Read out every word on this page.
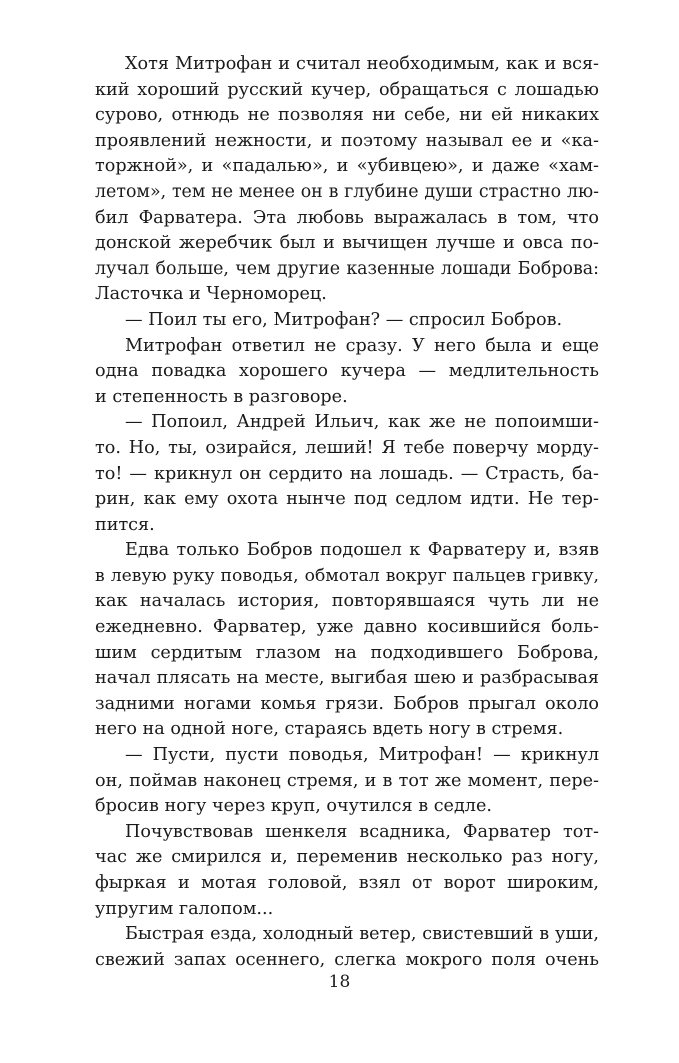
Хотя Митрофан и считал необходимым, как и вся-
кий хороший русский кучер, обращаться с лошадью
сурово, отнюдь не позволяя ни себе, ни ей никаких
проявлений нежности, и поэтому называл ее и «ка-
торжной», и «падалью», и «убивцею», и даже «хам-
летом», тем не менее он в глубине души страстно лю-
бил Фарватера. Эта любовь выражалась в том, что
донской жеребчик был и вычищен лучше и овса по-
лучал больше, чем другие казенные лошади Боброва:
Ласточка и Черноморец.
— Поил ты его, Митрофан? — спросил Бобров.
Митрофан ответил не сразу. У него была и еще
одна повадка хорошего кучера — медлительность
и степенность в разговоре.
— Попоил, Андрей Ильич, как же не попоимши-
то. Но, ты, озирайся, леший! Я тебе поверчу морду-
то! — крикнул он сердито на лошадь. — Страсть, ба-
рин, как ему охота нынче под седлом идти. Не тер-
пится.
Едва только Бобров подошел к Фарватеру и, взяв
в левую руку поводья, обмотал вокруг пальцев гривку,
как началась история, повторявшаяся чуть ли не
ежедневно. Фарватер, уже давно косившийся боль-
шим сердитым глазом на подходившего Боброва,
начал плясать на месте, выгибая шею и разбрасывая
задними ногами комья грязи. Бобров прыгал около
него на одной ноге, стараясь вдеть ногу в стремя.
— Пусти, пусти поводья, Митрофан! — крикнул
он, поймав наконец стремя, и в тот же момент, пере-
бросив ногу через круп, очутился в седле.
Почувствовав шенкеля всадника, Фарватер тот-
час же смирился и, переменив несколько раз ногу,
фыркая и мотая головой, взял от ворот широким,
упругим галопом...
Быстрая езда, холодный ветер, свистевший в уши,
свежий запах осеннего, слегка мокрого поля очень
18
